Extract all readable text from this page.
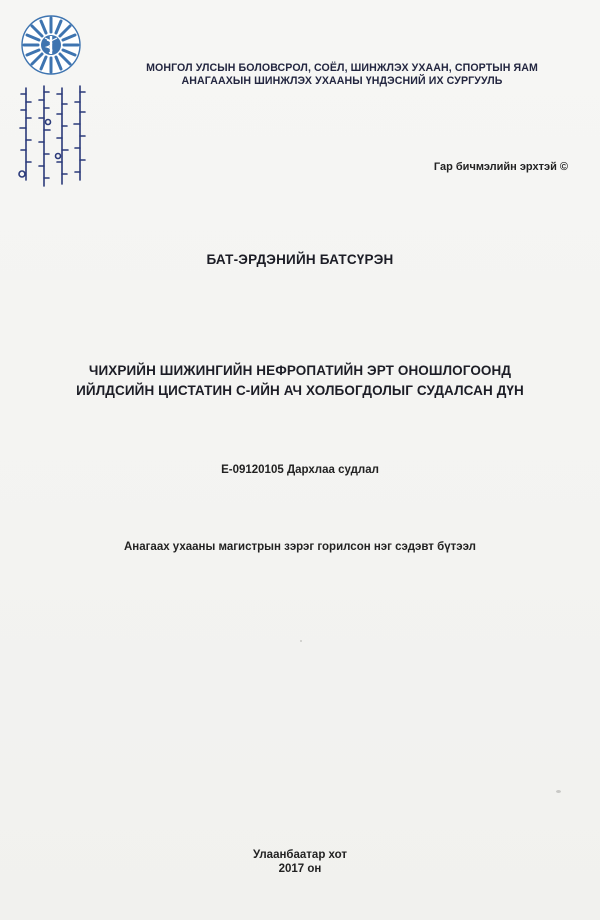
МОНГОЛ УЛСЫН БОЛОВСРОЛ, СОЁЛ, ШИНЖЛЭХ УХААН, СПОРТЫН ЯАМ
АНАГААХЫН ШИНЖЛЭХ УХААНЫ ҮНДЭСНИЙ ИХ СУРГУУЛЬ
Гар бичмэлийн эрхтэй ©
БАТ-ЭРДЭНИЙН БАТСҮРЭН
ЧИХРИЙН ШИЖИНГИЙН НЕФРОПАТИЙН ЭРТ ОНОШЛОГООНД
ИЙЛДСИЙН ЦИСТАТИН С-ИЙН АЧ ХОЛБОГДОЛЫГ СУДАЛСАН ДҮН
Е-09120105 Дархлаа судлал
Анагаах ухааны магистрын зэрэг горилсон нэг сэдэвт бүтээл
Улаанбаатар хот
2017 он
